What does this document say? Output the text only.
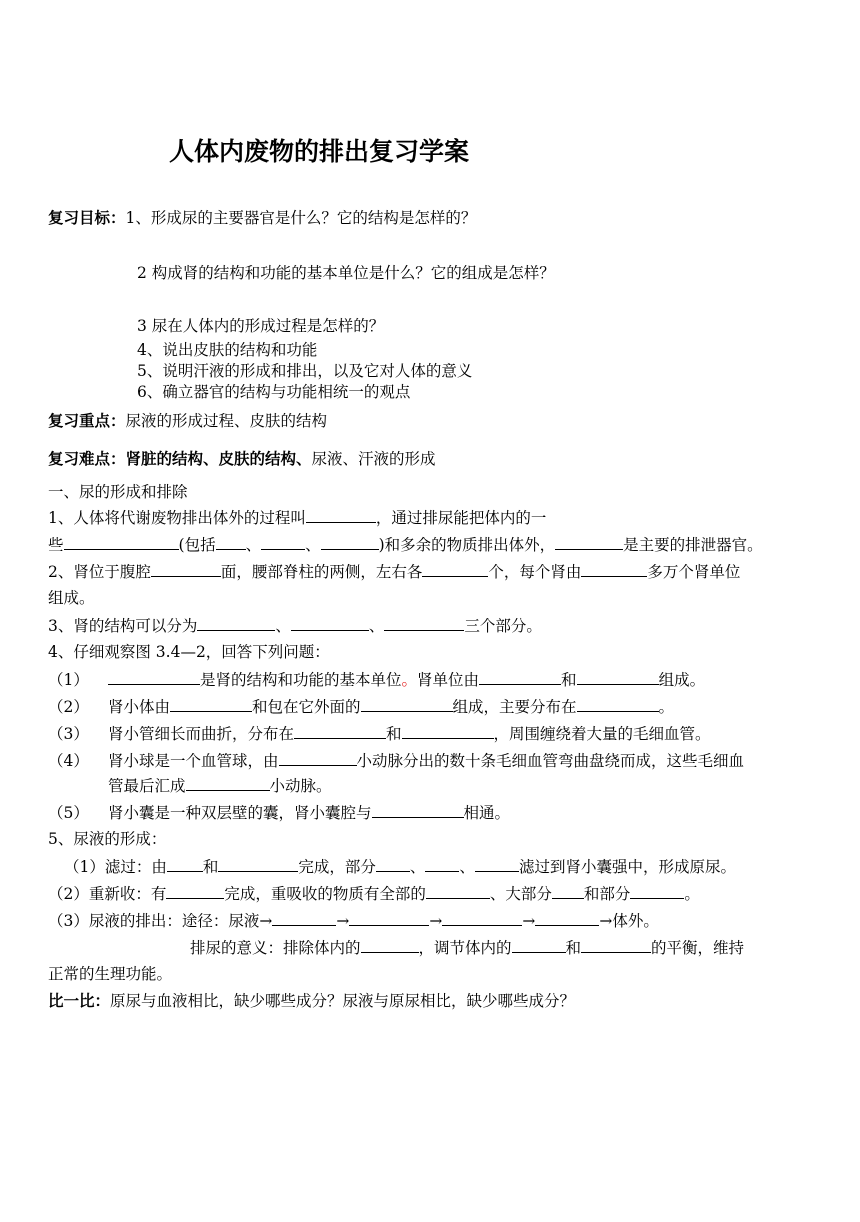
人体内废物的排出复习学案
复习目标：1、形成尿的主要器官是什么？它的结构是怎样的？
2 构成肾的结构和功能的基本单位是什么？它的组成是怎样？
3 尿在人体内的形成过程是怎样的？
4、说出皮肤的结构和功能
5、说明汗液的形成和排出，以及它对人体的意义
6、确立器官的结构与功能相统一的观点
复习重点：尿液的形成过程、皮肤的结构
复习难点：肾脏的结构、皮肤的结构、尿液、汗液的形成
一、尿的形成和排除
1、人体将代谢废物排出体外的过程叫	，通过排尿能把体内的一
些	(包括 、	、	)和多余的物质排出体外，	是主要的排泄器官。
2、肾位于腹腔	面，腰部脊柱的两侧，左右各	个，每个肾由	多万个肾单位
组成。
3、肾的结构可以分为	、	、	三个部分。
4、仔细观察图 3.4—2，回答下列问题：
（1）	是肾的结构和功能的基本单位。肾单位由	和	组成。
（2） 肾小体由	和包在它外面的	组成，主要分布在	。
（3） 肾小管细长而曲折，分布在	和	，周围缠绕着大量的毛细血管。
（4） 肾小球是一个血管球，由	小动脉分出的数十条毛细血管弯曲盘绕而成，这些毛细血
管最后汇成	小动脉。
（5） 肾小囊是一种双层壁的囊，肾小囊腔与	相通。
5、尿液的形成：
（1）滤过：由 和	完成，部分 、 、	滤过到肾小囊强中，形成原尿。
（2）重新收：有	完成，重吸收的物质有全部的	、大部分 和部分	。
（3）尿液的排出：途径：尿液→	→	→	→	→体外。
排尿的意义：排除体内的	，调节体内的	和	的平衡，维持
正常的生理功能。
比一比：原尿与血液相比，缺少哪些成分？尿液与原尿相比，缺少哪些成分？
